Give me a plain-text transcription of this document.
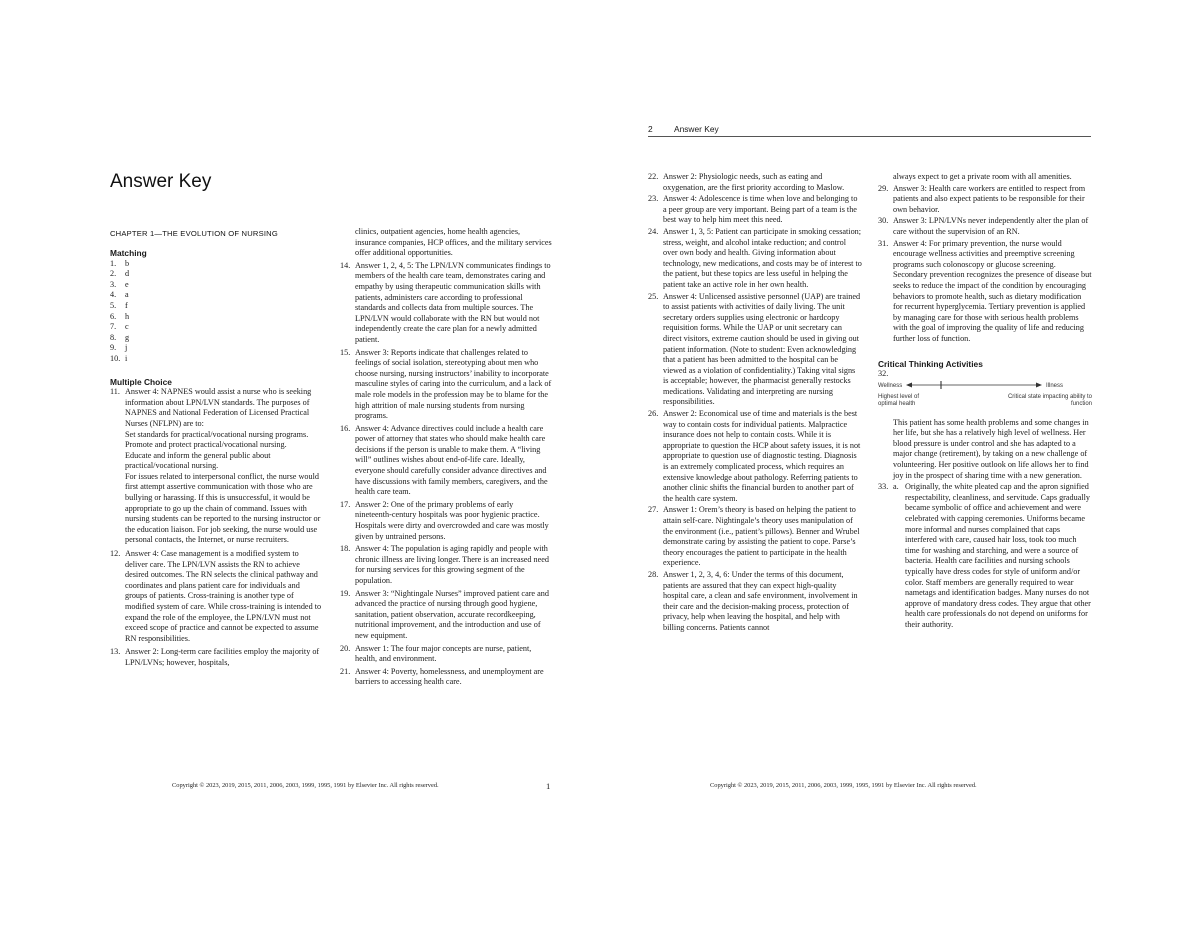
Answer Key
CHAPTER 1—THE EVOLUTION OF NURSING

Matching

1. b

2. d

3. e

4. a

5. f

6. h

7. c

8. g

9. j

10. i

Multiple Choice

11. Answer 4: NAPNES would assist a nurse who is seeking information about LPN/LVN standards. The purposes of NAPNES and National Federation of Licensed Practical Nurses (NFLPN) are to:
Set standards for practical/vocational nursing programs.
Promote and protect practical/vocational nursing.
Educate and inform the general public about practical/vocational nursing.
For issues related to interpersonal conflict, the nurse would first attempt assertive communication with those who are bullying or harassing. If this is unsuccessful, it would be appropriate to go up the chain of command. Issues with nursing students can be reported to the nursing instructor or the education liaison. For job seeking, the nurse would use personal contacts, the Internet, or nurse recruiters.

12. Answer 4: Case management is a modified system to deliver care. The LPN/LVN assists the RN to achieve desired outcomes. The RN selects the clinical pathway and coordinates and plans patient care for individuals and groups of patients. Cross-training is another type of modified system of care. While cross-training is intended to expand the role of the employee, the LPN/LVN must not exceed scope of practice and cannot be expected to assume RN responsibilities.

13. Answer 2: Long-term care facilities employ the majority of LPN/LVNs; however, hospitals,

clinics, outpatient agencies, home health agencies, insurance companies, HCP offices, and the military services offer additional opportunities.

14. Answer 1, 2, 4, 5: The LPN/LVN communicates findings to members of the health care team, demonstrates caring and empathy by using therapeutic communication skills with patients, administers care according to professional standards and collects data from multiple sources. The LPN/LVN would collaborate with the RN but would not independently create the care plan for a newly admitted patient.

15. Answer 3: Reports indicate that challenges related to feelings of social isolation, stereotyping about men who choose nursing, nursing instructors’ inability to incorporate masculine styles of caring into the curriculum, and a lack of male role models in the profession may be to blame for the high attrition of male nursing students from nursing programs.

16. Answer 4: Advance directives could include a health care power of attorney that states who should make health care decisions if the person is unable to make them. A “living will” outlines wishes about end-of-life care. Ideally, everyone should carefully consider advance directives and have discussions with family members, caregivers, and the health care team.

17. Answer 2: One of the primary problems of early nineteenth-century hospitals was poor hygienic practice. Hospitals were dirty and overcrowded and care was mostly given by untrained persons.

18. Answer 4: The population is aging rapidly and people with chronic illness are living longer. There is an increased need for nursing services for this growing segment of the population.

19. Answer 3: “Nightingale Nurses” improved patient care and advanced the practice of nursing through good hygiene, sanitation, patient observation, accurate recordkeeping, nutritional improvement, and the introduction and use of new equipment.

20. Answer 1: The four major concepts are nurse, patient, health, and environment.

21. Answer 4: Poverty, homelessness, and unemployment are barriers to accessing health care.

Copyright © 2023, 2019, 2015, 2011, 2006, 2003, 1999, 1995, 1991 by Elsevier Inc. All rights reserved.	1
2	Answer Key

22. Answer 2: Physiologic needs, such as eating and oxygenation, are the first priority according to Maslow.

23. Answer 4: Adolescence is time when love and belonging to a peer group are very important. Being part of a team is the best way to help him meet this need.

24. Answer 1, 3, 5: Patient can participate in smoking cessation; stress, weight, and alcohol intake reduction; and control over own body and health. Giving information about technology, new medications, and costs may be of interest to the patient, but these topics are less useful in helping the patient take an active role in her own health.

25. Answer 4: Unlicensed assistive personnel (UAP) are trained to assist patients with activities of daily living. The unit secretary orders supplies using electronic or hardcopy requisition forms. While the UAP or unit secretary can direct visitors, extreme caution should be used in giving out patient information. (Note to student: Even acknowledging that a patient has been admitted to the hospital can be viewed as a violation of confidentiality.) Taking vital signs is acceptable; however, the pharmacist generally restocks medications. Validating and interpreting are nursing responsibilities.

26. Answer 2: Economical use of time and materials is the best way to contain costs for individual patients. Malpractice insurance does not help to contain costs. While it is appropriate to question the HCP about safety issues, it is not appropriate to question use of diagnostic testing. Diagnosis is an extremely complicated process, which requires an extensive knowledge about pathology. Referring patients to another clinic shifts the financial burden to another part of the health care system.

27. Answer 1: Orem’s theory is based on helping the patient to attain self-care. Nightingale’s theory uses manipulation of the environment (i.e., patient’s pillows). Benner and Wrubel demonstrate caring by assisting the patient to cope. Parse’s theory encourages the patient to participate in the health experience.

28. Answer 1, 2, 3, 4, 6: Under the terms of this document, patients are assured that they can expect high-quality hospital care, a clean and safe environment, involvement in their care and the decision-making process, protection of privacy, help when leaving the hospital, and help with billing concerns. Patients cannot

always expect to get a private room with all amenities.

29. Answer 3: Health care workers are entitled to respect from patients and also expect patients to be responsible for their own behavior.

30. Answer 3: LPN/LVNs never independently alter the plan of care without the supervision of an RN.

31. Answer 4: For primary prevention, the nurse would encourage wellness activities and preemptive screening programs such colonoscopy or glucose screening. Secondary prevention recognizes the presence of disease but seeks to reduce the impact of the condition by encouraging behaviors to promote health, such as dietary modification for recurrent hyperglycemia. Tertiary prevention is applied by managing care for those with serious health problems with the goal of improving the quality of life and reducing further loss of function.

Critical Thinking Activities

32.

Wellness	Illness
Highest level of optimal health
Critical state impacting ability to function

This patient has some health problems and some changes in her life, but she has a relatively high level of wellness. Her blood pressure is under control and she has adapted to a major change (retirement), by taking on a new challenge of volunteering. Her positive outlook on life allows her to find joy in the prospect of sharing time with a new generation.

33. a. Originally, the white pleated cap and the apron signified respectability, cleanliness, and servitude. Caps gradually became symbolic of office and achievement and were celebrated with capping ceremonies. Uniforms became more informal and nurses complained that caps interfered with care, caused hair loss, took too much time for washing and starching, and were a source of bacteria. Health care facilities and nursing schools typically have dress codes for style of uniform and/or color. Staff members are generally required to wear nametags and identification badges. Many nurses do not approve of mandatory dress codes. They argue that other health care professionals do not depend on uniforms for their authority.

Copyright © 2023, 2019, 2015, 2011, 2006, 2003, 1999, 1995, 1991 by Elsevier Inc. All rights reserved.
